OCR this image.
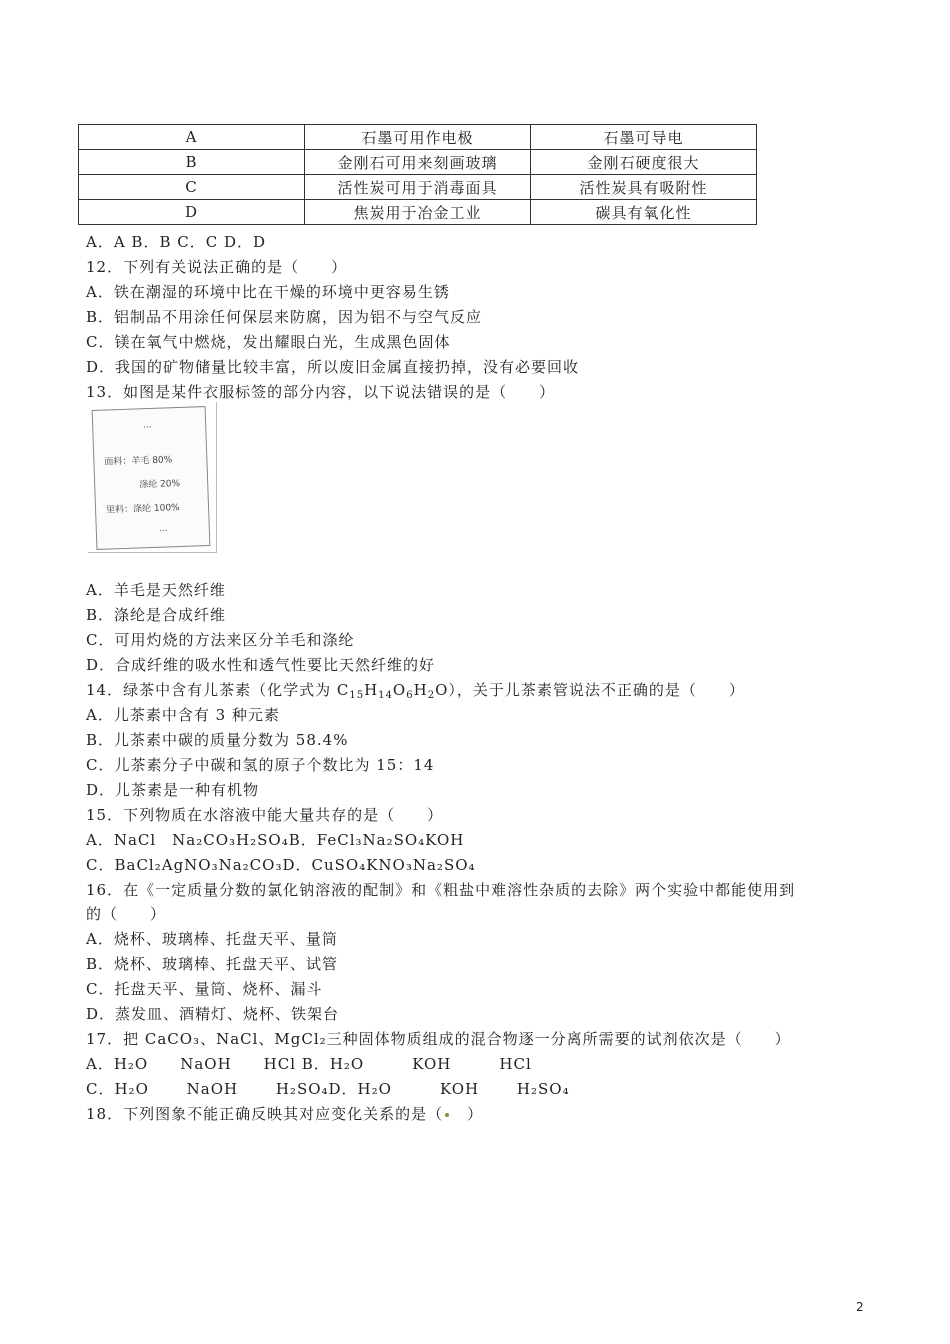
A	石墨可用作电极	石墨可导电
B	金刚石可用来刻画玻璃	金刚石硬度很大
C	活性炭可用于消毒面具	活性炭具有吸附性
D	焦炭用于冶金工业	碳具有氧化性
A．A B．B C．C D．D
12．下列有关说法正确的是（　　）
A．铁在潮湿的环境中比在干燥的环境中更容易生锈
B．铝制品不用涂任何保层来防腐，因为铝不与空气反应
C．镁在氧气中燃烧，发出耀眼白光，生成黑色固体
D．我国的矿物储量比较丰富，所以废旧金属直接扔掉，没有必要回收
13．如图是某件衣服标签的部分内容，以下说法错误的是（　　）
···
面料：羊毛 80%
涤纶 20%
里料：涤纶 100%
···
A．羊毛是天然纤维
B．涤纶是合成纤维
C．可用灼烧的方法来区分羊毛和涤纶
D．合成纤维的吸水性和透气性要比天然纤维的好
14．绿茶中含有儿茶素（化学式为 $C_{15}H_{14}O_6H_2O$），关于儿茶素管说法不正确的是（　　）
A．儿茶素中含有 3 种元素
B．儿茶素中碳的质量分数为 58.4%
C．儿茶素分子中碳和氢的原子个数比为 15：14
D．儿茶素是一种有机物
15．下列物质在水溶液中能大量共存的是（　　）
A．NaCl　Na₂CO₃H₂SO₄B．FeCl₃Na₂SO₄KOH
C．BaCl₂AgNO₃Na₂CO₃D．CuSO₄KNO₃Na₂SO₄
16．在《一定质量分数的氯化钠溶液的配制》和《粗盐中难溶性杂质的去除》两个实验中都能使用到
的（　　）
A．烧杯、玻璃棒、托盘天平、量筒
B．烧杯、玻璃棒、托盘天平、试管
C．托盘天平、量筒、烧杯、漏斗
D．蒸发皿、酒精灯、烧杯、铁架台
17．把 CaCO₃、NaCl、MgCl₂三种固体物质组成的混合物逐一分离所需要的试剂依次是（　　）
A．H₂O　　NaOH　　HCl B．H₂O　　　KOH　　　HCl
C．H₂O　　 NaOH　　 H₂SO₄D．H₂O　　　KOH　　 H₂SO₄
18．下列图象不能正确反映其对应变化关系的是（　）
2
